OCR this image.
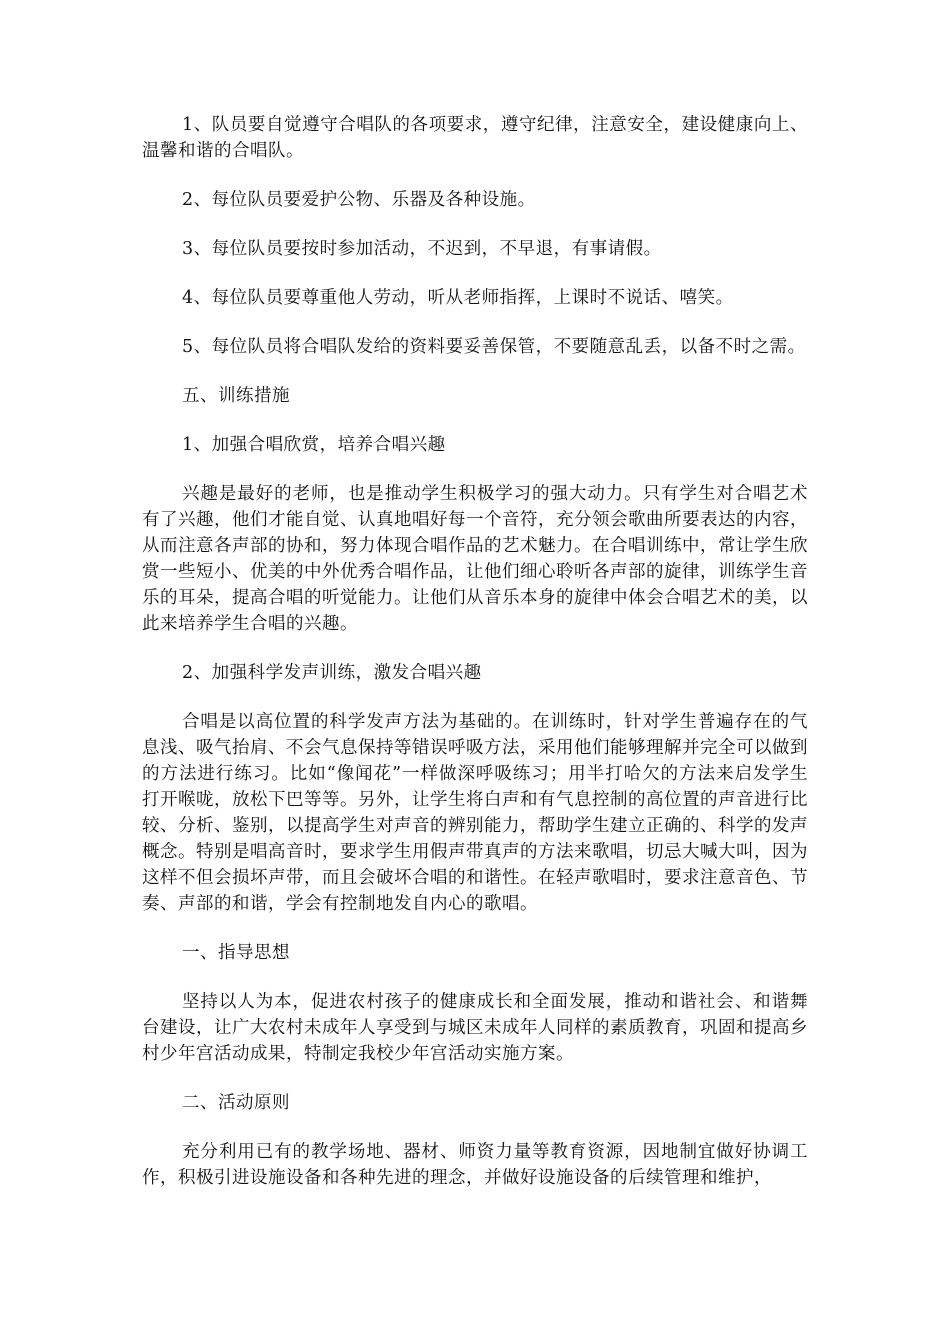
1、队员要自觉遵守合唱队的各项要求，遵守纪律，注意安全，建设健康向上、温馨和谐的合唱队。

2、每位队员要爱护公物、乐器及各种设施。

3、每位队员要按时参加活动，不迟到，不早退，有事请假。

4、每位队员要尊重他人劳动，听从老师指挥，上课时不说话、嘻笑。

5、每位队员将合唱队发给的资料要妥善保管，不要随意乱丢，以备不时之需。

五、训练措施

1、加强合唱欣赏，培养合唱兴趣

兴趣是最好的老师，也是推动学生积极学习的强大动力。只有学生对合唱艺术有了兴趣，他们才能自觉、认真地唱好每一个音符，充分领会歌曲所要表达的内容，从而注意各声部的协和，努力体现合唱作品的艺术魅力。在合唱训练中，常让学生欣赏一些短小、优美的中外优秀合唱作品，让他们细心聆听各声部的旋律，训练学生音乐的耳朵，提高合唱的听觉能力。让他们从音乐本身的旋律中体会合唱艺术的美，以此来培养学生合唱的兴趣。

2、加强科学发声训练，激发合唱兴趣

合唱是以高位置的科学发声方法为基础的。在训练时，针对学生普遍存在的气息浅、吸气抬肩、不会气息保持等错误呼吸方法，采用他们能够理解并完全可以做到的方法进行练习。比如“像闻花”一样做深呼吸练习；用半打哈欠的方法来启发学生打开喉咙，放松下巴等等。另外，让学生将白声和有气息控制的高位置的声音进行比较、分析、鉴别，以提高学生对声音的辨别能力，帮助学生建立正确的、科学的发声概念。特别是唱高音时，要求学生用假声带真声的方法来歌唱，切忌大喊大叫，因为这样不但会损坏声带，而且会破坏合唱的和谐性。在轻声歌唱时，要求注意音色、节奏、声部的和谐，学会有控制地发自内心的歌唱。

一、指导思想

坚持以人为本，促进农村孩子的健康成长和全面发展，推动和谐社会、和谐舞台建设，让广大农村未成年人享受到与城区未成年人同样的素质教育，巩固和提高乡村少年宫活动成果，特制定我校少年宫活动实施方案。

二、活动原则

充分利用已有的教学场地、器材、师资力量等教育资源，因地制宜做好协调工作，积极引进设施设备和各种先进的理念，并做好设施设备的后续管理和维护，
